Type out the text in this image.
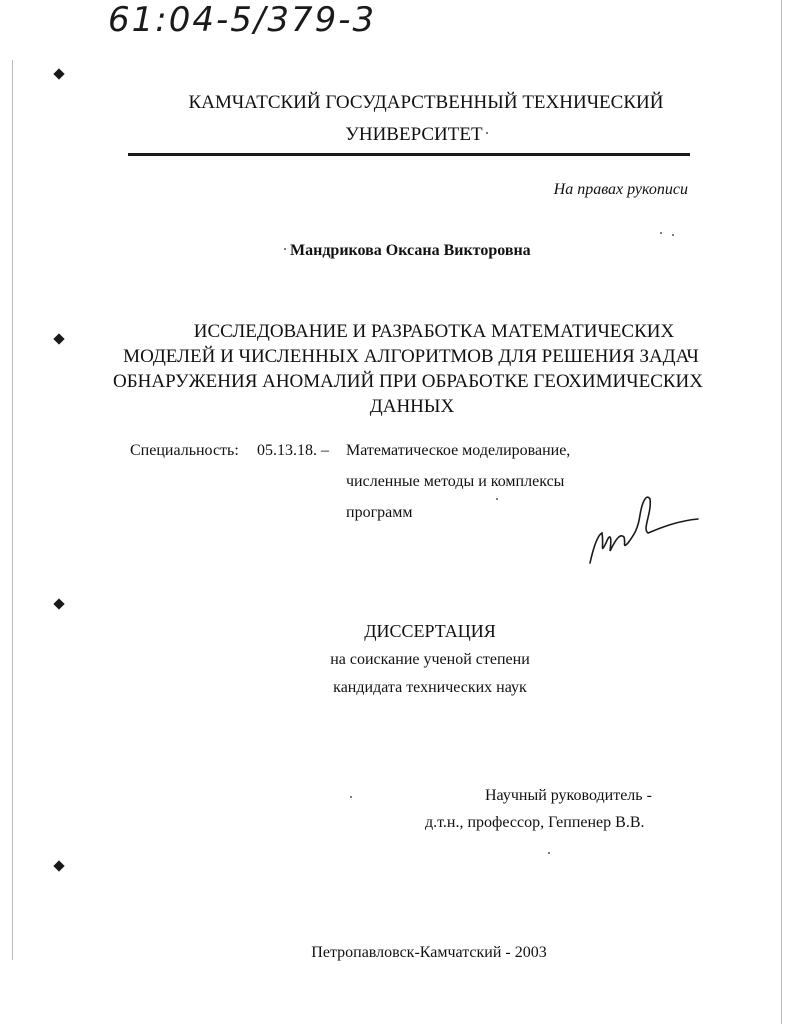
61:04-5/379-3
КАМЧАТСКИЙ ГОСУДАРСТВЕННЫЙ ТЕХНИЧЕСКИЙ
УНИВЕРСИТЕТ
На правах рукописи
Мандрикова Оксана Викторовна
ИССЛЕДОВАНИЕ И РАЗРАБОТКА МАТЕМАТИЧЕСКИХ
МОДЕЛЕЙ И ЧИСЛЕННЫХ АЛГОРИТМОВ ДЛЯ РЕШЕНИЯ ЗАДАЧ
ОБНАРУЖЕНИЯ АНОМАЛИЙ ПРИ ОБРАБОТКЕ ГЕОХИМИЧЕСКИХ
ДАННЫХ
Специальность: 05.13.18. – Математическое моделирование,
численные методы и комплексы
программ
ДИССЕРТАЦИЯ
на соискание ученой степени
кандидата технических наук
Научный руководитель -
д.т.н., профессор, Геппенер В.В.
Петропавловск-Камчатский - 2003
